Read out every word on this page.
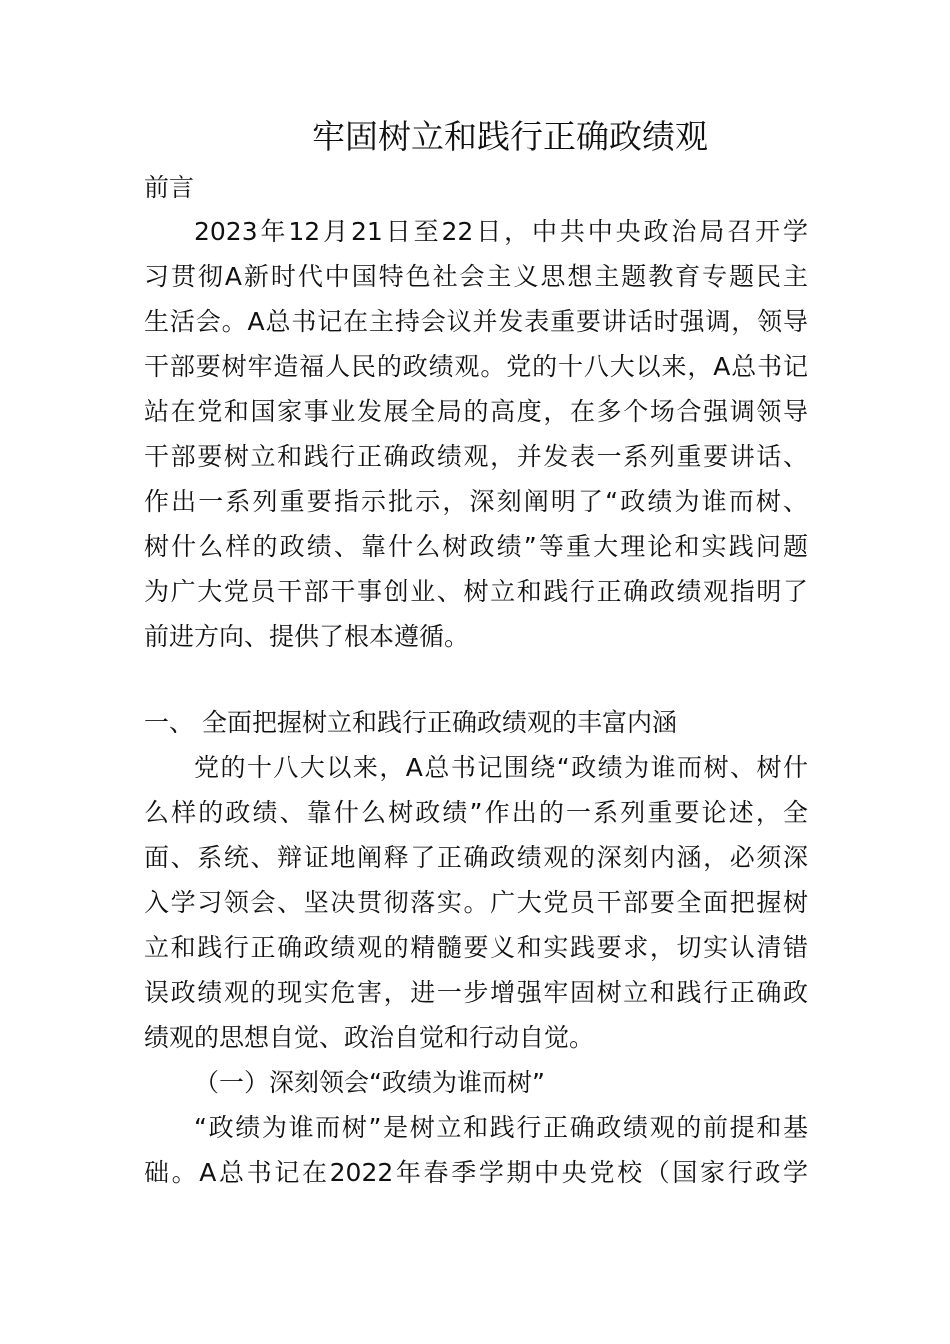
牢固树立和践行正确政绩观
前言
2023年12月21日至22日，中共中央政治局召开学
习贯彻A新时代中国特色社会主义思想主题教育专题民主
生活会。A总书记在主持会议并发表重要讲话时强调，领导
干部要树牢造福人民的政绩观。党的十八大以来，A总书记
站在党和国家事业发展全局的高度，在多个场合强调领导
干部要树立和践行正确政绩观，并发表一系列重要讲话、
作出一系列重要指示批示，深刻阐明了“政绩为谁而树、
树什么样的政绩、靠什么树政绩”等重大理论和实践问题
为广大党员干部干事创业、树立和践行正确政绩观指明了
前进方向、提供了根本遵循。
一、 全面把握树立和践行正确政绩观的丰富内涵
党的十八大以来，A总书记围绕“政绩为谁而树、树什
么样的政绩、靠什么树政绩”作出的一系列重要论述，全
面、系统、辩证地阐释了正确政绩观的深刻内涵，必须深
入学习领会、坚决贯彻落实。广大党员干部要全面把握树
立和践行正确政绩观的精髓要义和实践要求，切实认清错
误政绩观的现实危害，进一步增强牢固树立和践行正确政
绩观的思想自觉、政治自觉和行动自觉。
（一）深刻领会“政绩为谁而树”
“政绩为谁而树”是树立和践行正确政绩观的前提和基
础。A总书记在2022年春季学期中央党校（国家行政学
